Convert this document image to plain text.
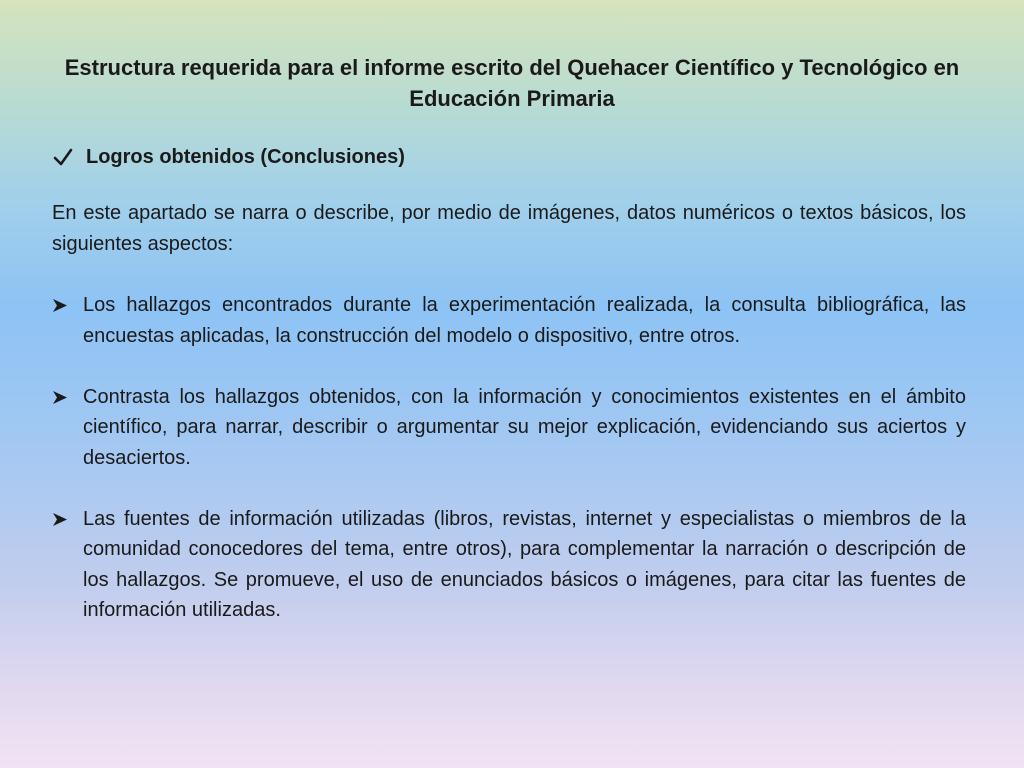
Estructura requerida para el informe escrito del Quehacer Científico y Tecnológico en Educación Primaria
Logros obtenidos (Conclusiones)

En este apartado se narra o describe, por medio de imágenes, datos numéricos o textos básicos, los siguientes aspectos:

Los hallazgos encontrados durante la experimentación realizada, la consulta bibliográfica, las encuestas aplicadas, la construcción del modelo o dispositivo, entre otros.
Contrasta los hallazgos obtenidos, con la información y conocimientos existentes en el ámbito científico, para narrar, describir o argumentar su mejor explicación, evidenciando sus aciertos y desaciertos.
Las fuentes de información utilizadas (libros, revistas, internet y especialistas o miembros de la comunidad conocedores del tema, entre otros), para complementar la narración o descripción de los hallazgos. Se promueve, el uso de enunciados básicos o imágenes, para citar las fuentes de información utilizadas.
